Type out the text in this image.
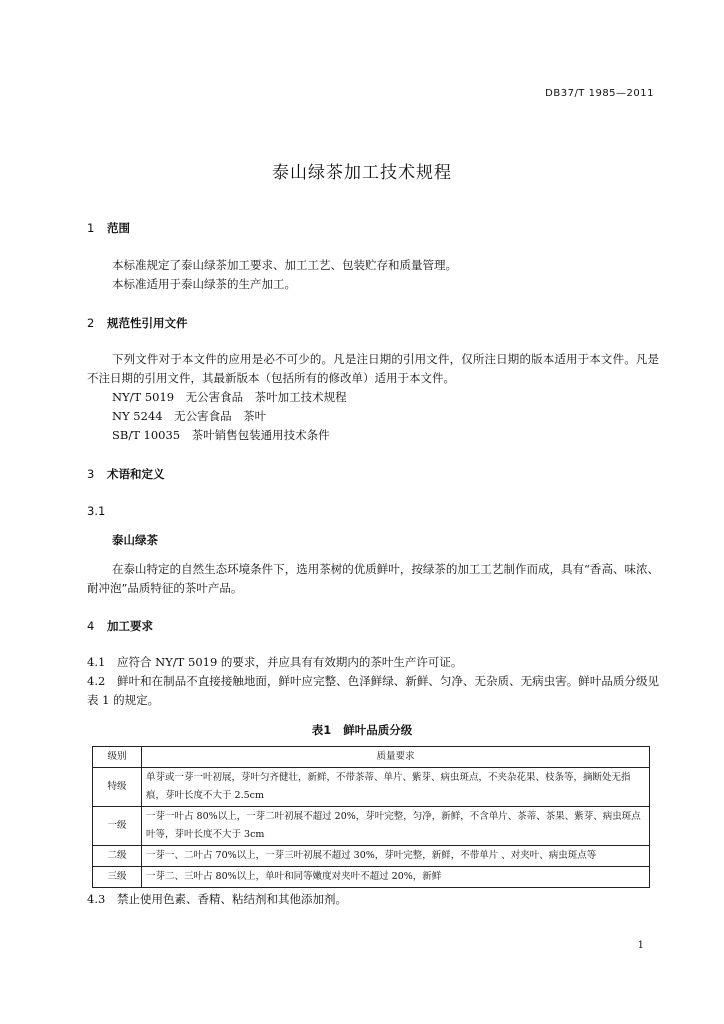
DB37/T 1985—2011
泰山绿茶加工技术规程
1 范围
本标准规定了泰山绿茶加工要求、加工工艺、包装贮存和质量管理。
本标准适用于泰山绿茶的生产加工。
2 规范性引用文件
下列文件对于本文件的应用是必不可少的。凡是注日期的引用文件，仅所注日期的版本适用于本文件。凡是不注日期的引用文件，其最新版本（包括所有的修改单）适用于本文件。
NY/T 5019　无公害食品　茶叶加工技术规程
NY 5244　无公害食品　茶叶
SB/T 10035　茶叶销售包装通用技术条件
3 术语和定义
3.1
泰山绿茶
在泰山特定的自然生态环境条件下，选用茶树的优质鲜叶，按绿茶的加工工艺制作而成，具有“香高、味浓、耐冲泡”品质特征的茶叶产品。
4 加工要求
4.1 应符合 NY/T 5019 的要求，并应具有有效期内的茶叶生产许可证。
4.2 鲜叶和在制品不直接接触地面，鲜叶应完整、色泽鲜绿、新鲜、匀净、无杂质、无病虫害。鲜叶品质分级见表 1 的规定。
表1 鲜叶品质分级
级别	质量要求
特级	单芽或一芽一叶初展，芽叶匀齐健壮，新鲜，不带茶蒂、单片、紫芽、病虫斑点，不夹杂花果、枝条等，摘断处无指痕，芽叶长度不大于 2.5cm
一级	一芽一叶占 80%以上，一芽二叶初展不超过 20%，芽叶完整，匀净，新鲜，不含单片、茶蒂、茶果、紫芽、病虫斑点叶等，芽叶长度不大于 3cm
二级	一芽一、二叶占 70%以上，一芽三叶初展不超过 30%，芽叶完整，新鲜，不带单片 、对夹叶、病虫斑点等
三级	一芽二、三叶占 80%以上，单叶和同等嫩度对夹叶不超过 20%，新鲜
4.3 禁止使用色素、香精、粘结剂和其他添加剂。
1
